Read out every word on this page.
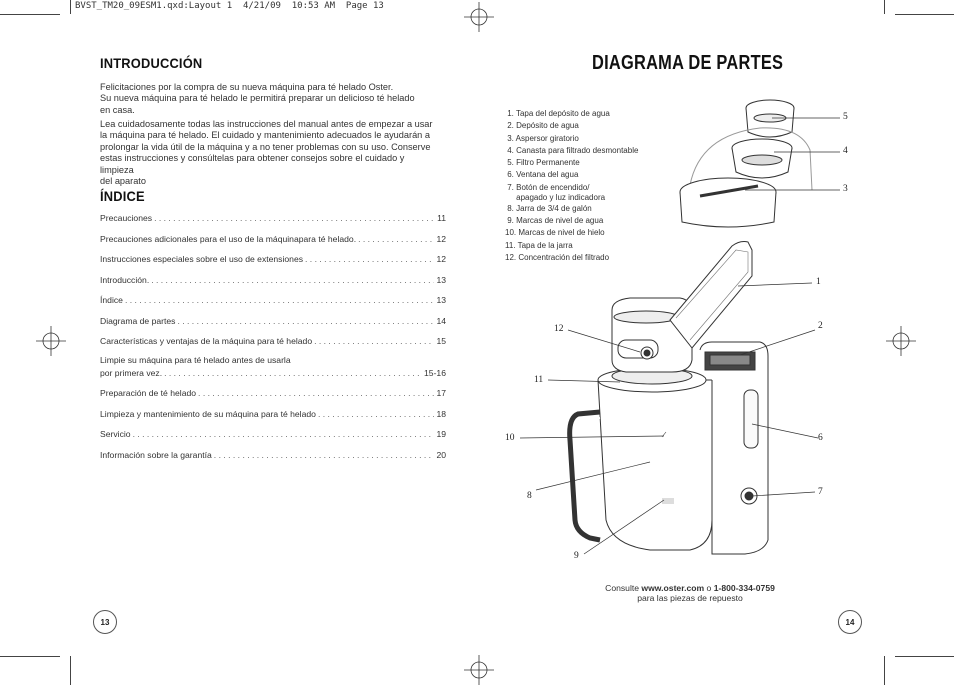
BVST_TM20_09ESM1.qxd:Layout 1  4/21/09  10:53 AM  Page 13
INTRODUCCIÓN
Felicitaciones por la compra de su nueva máquina para té helado Oster.
Su nueva máquina para té helado le permitirá preparar un delicioso té helado
en casa.
Lea cuidadosamente todas las instrucciones del manual antes de empezar a usar
la máquina para té helado. El cuidado y mantenimiento adecuados le ayudarán a
prolongar la vida útil de la máquina y a no tener problemas con su uso. Conserve
estas instrucciones y consúltelas para obtener consejos sobre el cuidado y limpieza
del aparato
ÍNDICE
Precauciones . . .	11
Precauciones adicionales para el uso de la máquinapara té helado. . . .	12
Instrucciones especiales sobre el uso de extensiones . . .	12
Introducción. . . .	13
Índice . . .	13
Diagrama de partes . . .	14
Características y ventajas de la máquina para té helado . . .	15
Limpie su máquina para té helado antes de usarla
por primera vez. . . .	15-16
Preparación de té helado . . .	17
Limpieza y mantenimiento de su máquina para té helado . . .	18
Servicio . . .	19
Información sobre la garantía . . .	20
13
DIAGRAMA DE PARTES
1. Tapa del depósito de agua
2. Depósito de agua
3. Aspersor giratorio
4. Canasta para filtrado desmontable
5. Filtro Permanente
6. Ventana del agua
7. Botón de encendido/
apagado y luz indicadora
8. Jarra de 3/4 de galón
9. Marcas de nivel de agua
10. Marcas de nivel de hielo
11. Tapa de la jarra
12. Concentración del filtrado
5
4
3
1
2
6
7
12
11
10
8
9
Consulte www.oster.com o 1-800-334-0759
para las piezas de repuesto
14
